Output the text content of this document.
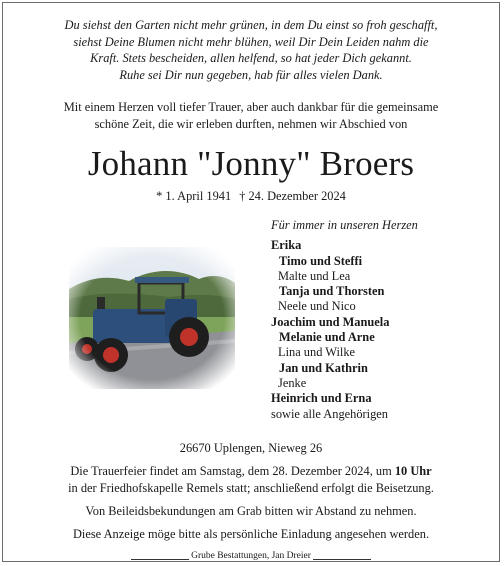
Du siehst den Garten nicht mehr grünen, in dem Du einst so froh geschafft,
siehst Deine Blumen nicht mehr blühen, weil Dir Dein Leiden nahm die
Kraft. Stets bescheiden, allen helfend, so hat jeder Dich gekannt.
Ruhe sei Dir nun gegeben, hab für alles vielen Dank.
Mit einem Herzen voll tiefer Trauer, aber auch dankbar für die gemeinsame
schöne Zeit, die wir erleben durften, nehmen wir Abschied von
Johann "Jonny" Broers
* 1. April 1941 † 24. Dezember 2024
Für immer in unseren Herzen
Erika
Timo und Steffi
Malte und Lea
Tanja und Thorsten
Neele und Nico
Joachim und Manuela
Melanie und Arne
Lina und Wilke
Jan und Kathrin
Jenke
Heinrich und Erna
sowie alle Angehörigen
26670 Uplengen, Nieweg 26
Die Trauerfeier findet am Samstag, dem 28. Dezember 2024, um 10 Uhr
in der Friedhofskapelle Remels statt; anschließend erfolgt die Beisetzung.
Von Beileidsbekundungen am Grab bitten wir Abstand zu nehmen.
Diese Anzeige möge bitte als persönliche Einladung angesehen werden.
Grube Bestattungen, Jan Dreier
